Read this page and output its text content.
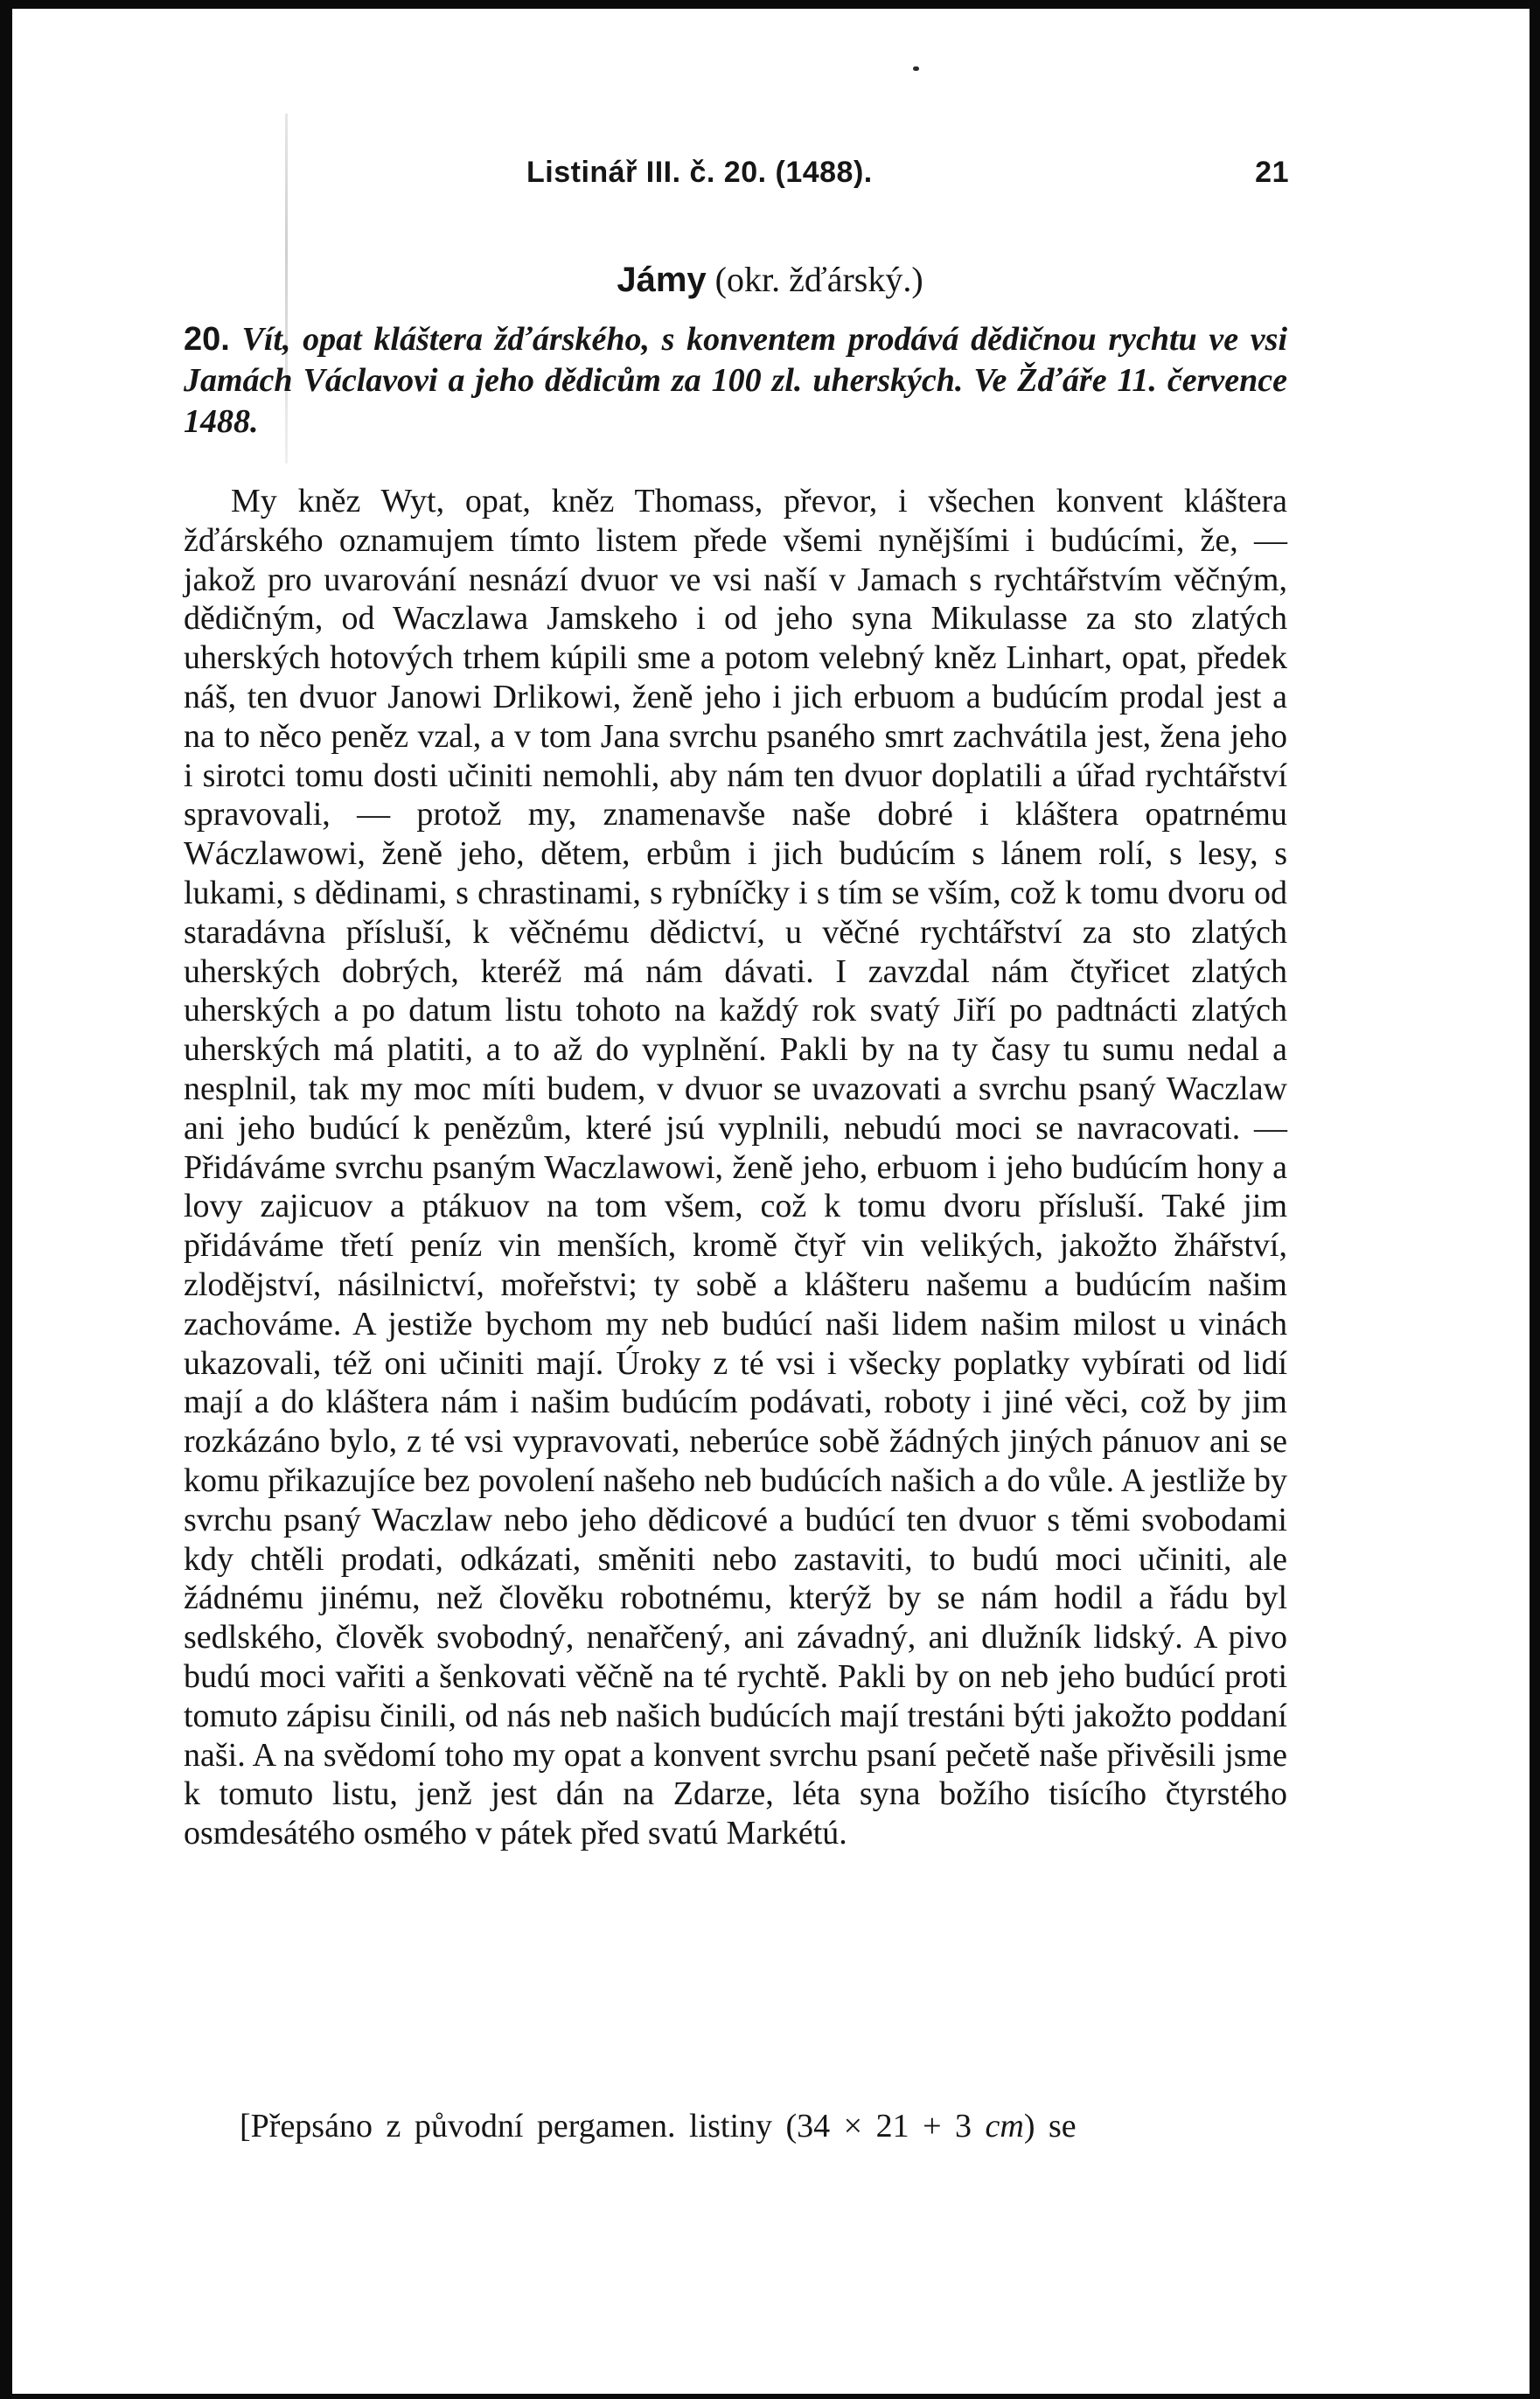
Listinář III. č. 20. (1488).	21
Jámy (okr. žďárský.)
20. Vít, opat kláštera žďárského, s konventem prodává dědičnou rychtu ve vsi Jamách Václavovi a jeho dědicům za 100 zl. uherských. Ve Žďáře 11. července 1488.

My kněz Wyt, opat, kněz Thomass, převor, i všechen konvent kláštera žďárského oznamujem tímto listem přede všemi nynějšími i budúcími, že, — jakož pro uvarování nesnází dvuor ve vsi naší v Jamach s rychtářstvím věčným, dědičným, od Waczlawa Jamskeho i od jeho syna Mikulasse za sto zlatých uherských hotových trhem kúpili sme a potom velebný kněz Linhart, opat, předek náš, ten dvuor Janowi Drlikowi, ženě jeho i jich erbuom a budúcím prodal jest a na to něco peněz vzal, a v tom Jana svrchu psaného smrt zachvátila jest, žena jeho i sirotci tomu dosti učiniti nemohli, aby nám ten dvuor doplatili a úřad rychtářství spravovali, — protož my, znamenavše naše dobré i kláštera opatrnému Wáczlawowi, ženě jeho, dětem, erbům i jich budúcím s lánem rolí, s lesy, s lukami, s dědinami, s chrastinami, s rybníčky i s tím se vším, což k tomu dvoru od staradávna přísluší, k věčnému dědictví, u věčné rychtářství za sto zlatých uherských dobrých, kteréž má nám dávati. I zavzdal nám čtyřicet zlatých uherských a po datum listu tohoto na každý rok svatý Jiří po padtnácti zlatých uherských má platiti, a to až do vyplnění. Pakli by na ty časy tu sumu nedal a nesplnil, tak my moc míti budem, v dvuor se uvazovati a svrchu psaný Waczlaw ani jeho budúcí k penězům, které jsú vyplnili, nebudú moci se navracovati. — Přidáváme svrchu psaným Waczlawowi, ženě jeho, erbuom i jeho budúcím hony a lovy zajicuov a ptákuov na tom všem, což k tomu dvoru přísluší. Také jim přidáváme třetí peníz vin menších, kromě čtyř vin velikých, jakožto žhářství, zlodějství, násilnictví, mořeřstvi; ty sobě a klášteru našemu a budúcím našim zachováme. A jestiže bychom my neb budúcí naši lidem našim milost u vinách ukazovali, též oni učiniti mají. Úroky z té vsi i všecky poplatky vybírati od lidí mají a do kláštera nám i našim budúcím podávati, roboty i jiné věci, což by jim rozkázáno bylo, z té vsi vypravovati, neberúce sobě žádných jiných pánuov ani se komu přikazujíce bez povolení našeho neb budúcích našich a do vůle. A jestliže by svrchu psaný Waczlaw nebo jeho dědicové a budúcí ten dvuor s těmi svobodami kdy chtěli prodati, odkázati, směniti nebo zastaviti, to budú moci učiniti, ale žádnému jinému, než člověku robotnému, kterýž by se nám hodil a řádu byl sedlského, člověk svobodný, nenařčený, ani závadný, ani dlužník lidský. A pivo budú moci vařiti a šenkovati věčně na té rychtě. Pakli by on neb jeho budúcí proti tomuto zápisu činili, od nás neb našich budúcích mají trestáni býti jakožto poddaní naši. A na svědomí toho my opat a konvent svrchu psaní pečetě naše přivěsili jsme k tomuto listu, jenž jest dán na Zdarze, léta syna božího tisícího čtyrstého osmdesátého osmého v pátek před svatú Markétú.

[Přepsáno z původní pergamen. listiny (34 × 21 + 3 cm) se
